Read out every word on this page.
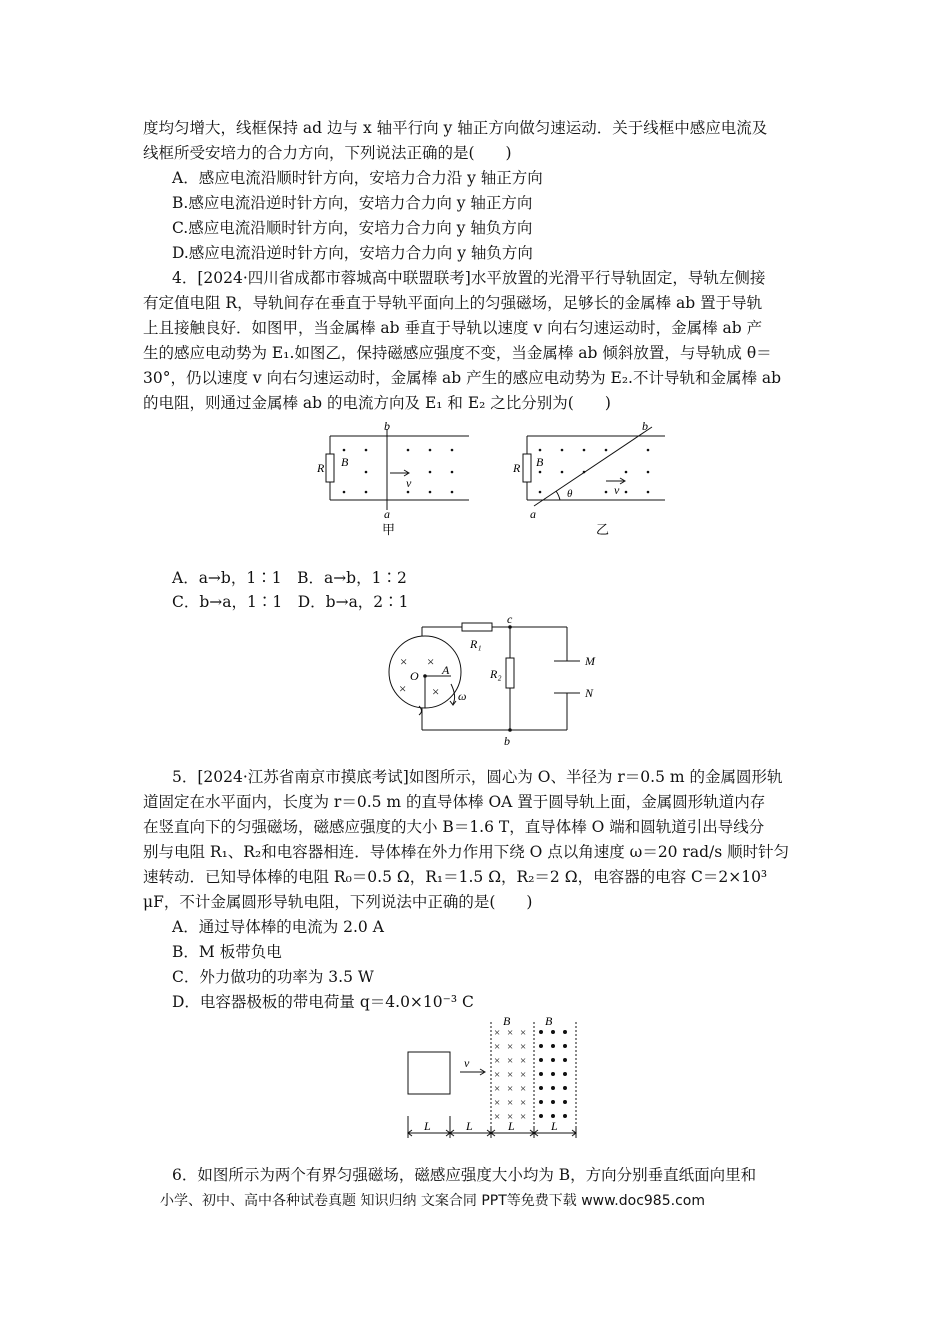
度均匀增大，线框保持 ad 边与 x 轴平行向 y 轴正方向做匀速运动．关于线框中感应电流及
线框所受安培力的合力方向，下列说法正确的是(　　)
A．感应电流沿顺时针方向，安培力合力沿 y 轴正方向
B.感应电流沿逆时针方向，安培力合力向 y 轴正方向
C.感应电流沿顺时针方向，安培力合力向 y 轴负方向
D.感应电流沿逆时针方向，安培力合力向 y 轴负方向
4．[2024·四川省成都市蓉城高中联盟联考]水平放置的光滑平行导轨固定，导轨左侧接
有定值电阻 R，导轨间存在垂直于导轨平面向上的匀强磁场，足够长的金属棒 ab 置于导轨
上且接触良好．如图甲，当金属棒 ab 垂直于导轨以速度 v 向右匀速运动时，金属棒 ab 产
生的感应电动势为 E₁.如图乙，保持磁感应强度不变，当金属棒 ab 倾斜放置，与导轨成 θ＝
30°，仍以速度 v 向右匀速运动时，金属棒 ab 产生的感应电动势为 E₂.不计导轨和金属棒 ab
的电阻，则通过金属棒 ab 的电流方向及 E₁ 和 E₂ 之比分别为(　　)
R B
b
a
v
甲
R B
b
a
θ	v
乙
A．a→b，1∶1　B．a→b，1∶2
C．b→a，1∶1　D．b→a，2∶1
× ×
× ×
c
b
R₁
R₂
M
N
O A
ω
5．[2024·江苏省南京市摸底考试]如图所示，圆心为 O、半径为 r＝0.5 m 的金属圆形轨
道固定在水平面内，长度为 r＝0.5 m 的直导体棒 OA 置于圆导轨上面，金属圆形轨道内存
在竖直向下的匀强磁场，磁感应强度的大小 B＝1.6 T，直导体棒 O 端和圆轨道引出导线分
别与电阻 R₁、R₂和电容器相连．导体棒在外力作用下绕 O 点以角速度 ω＝20 rad/s 顺时针匀
速转动．已知导体棒的电阻 R₀＝0.5 Ω，R₁＝1.5 Ω，R₂＝2 Ω，电容器的电容 C＝2×10³
μF，不计金属圆形导轨电阻，下列说法中正确的是(　　)
A．通过导体棒的电流为 2.0 A
B．M 板带负电
C．外力做功的功率为 3.5 W
D．电容器极板的带电荷量 q＝4.0×10⁻³ C
× × ×
× × ×
× × ×
× × ×
× × ×
× × ×
× × ×
B	B
v
L	L	L	L
6．如图所示为两个有界匀强磁场，磁感应强度大小均为 B，方向分别垂直纸面向里和
小学、初中、高中各种试卷真题 知识归纳 文案合同 PPT等免费下载 www.doc985.com
